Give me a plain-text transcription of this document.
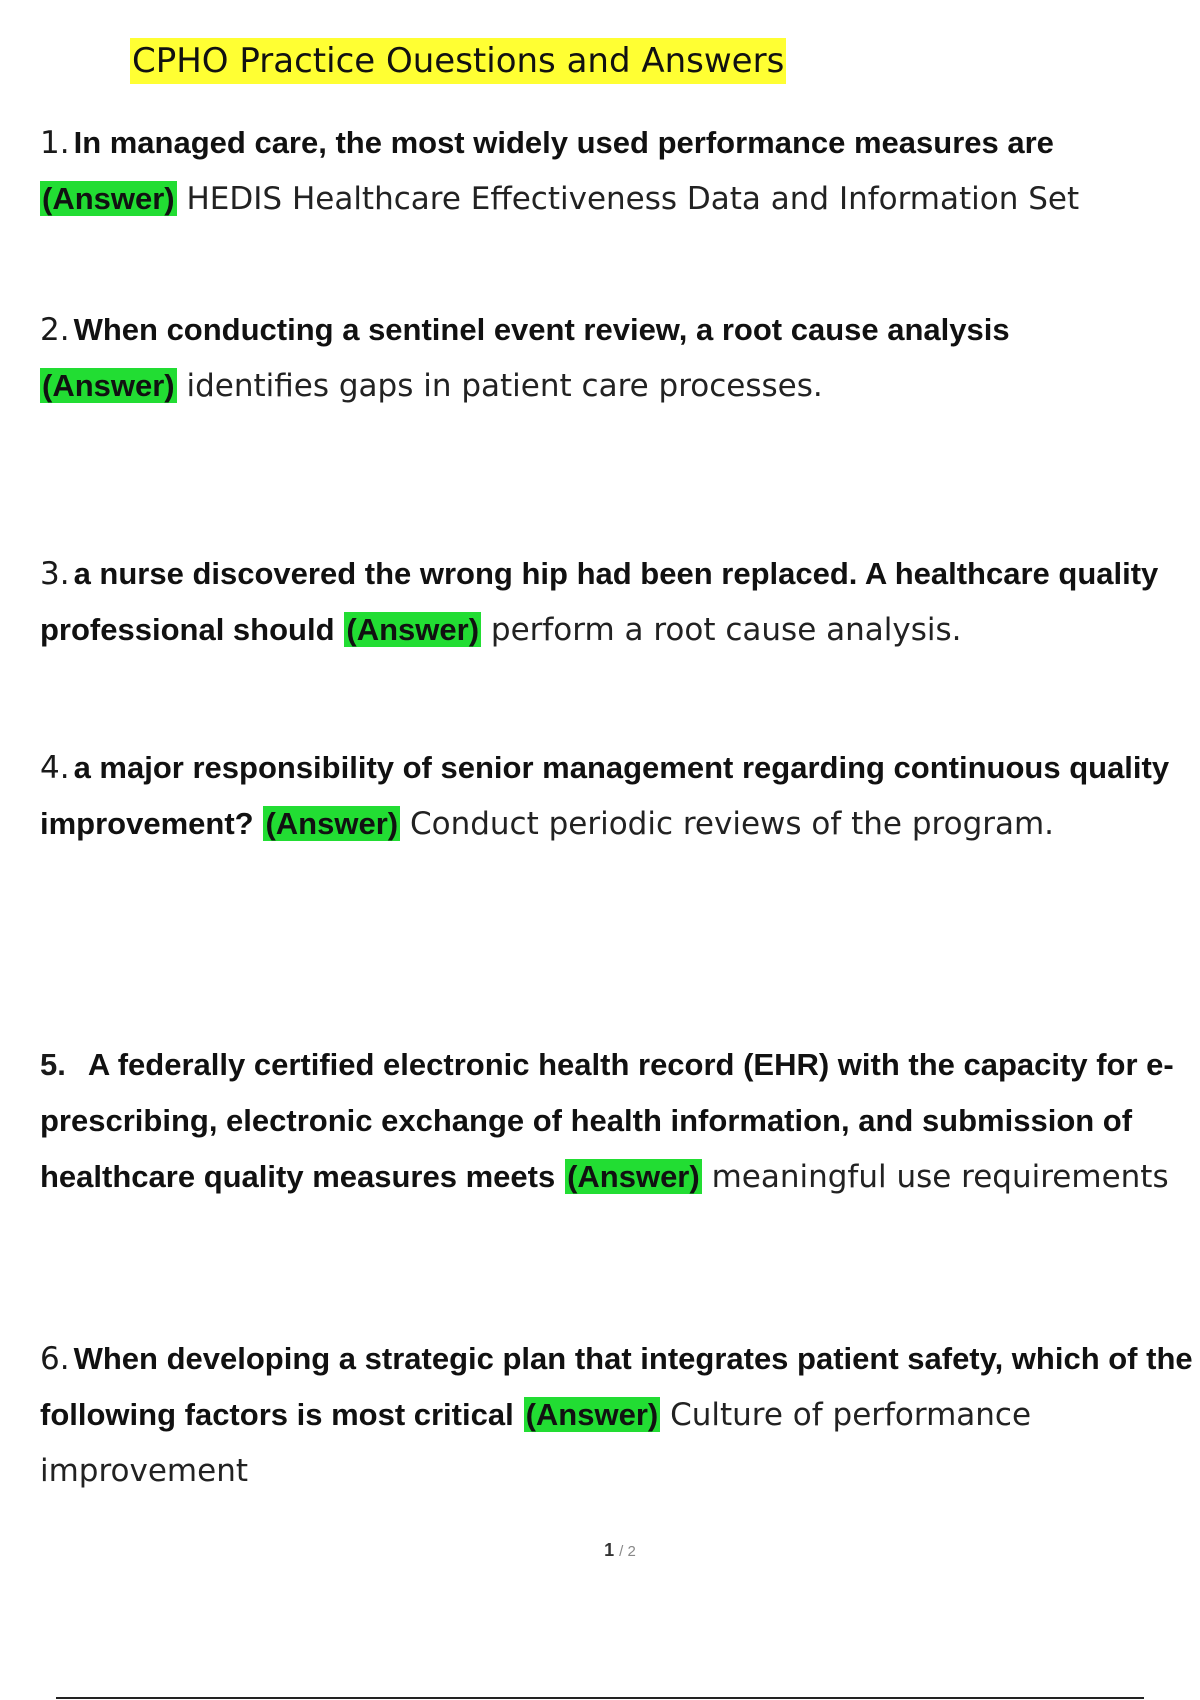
CPHO Practice Ouestions and Answers
1. In managed care, the most widely used performance measures are
(Answer) HEDIS Healthcare Effectiveness Data and Information Set
2. When conducting a sentinel event review, a root cause analysis
(Answer) identifies gaps in patient care processes.
3. a nurse discovered the wrong hip had been replaced. A healthcare quality professional should (Answer) perform a root cause analysis.
4. a major responsibility of senior management regarding continuous quality improvement? (Answer) Conduct periodic reviews of the program.
5. A federally certified electronic health record (EHR) with the capacity for e-prescribing, electronic exchange of health information, and submission of healthcare quality measures meets (Answer) meaningful use requirements
6. When developing a strategic plan that integrates patient safety, which of the following factors is most critical (Answer) Culture of performance improvement
1 / 2
